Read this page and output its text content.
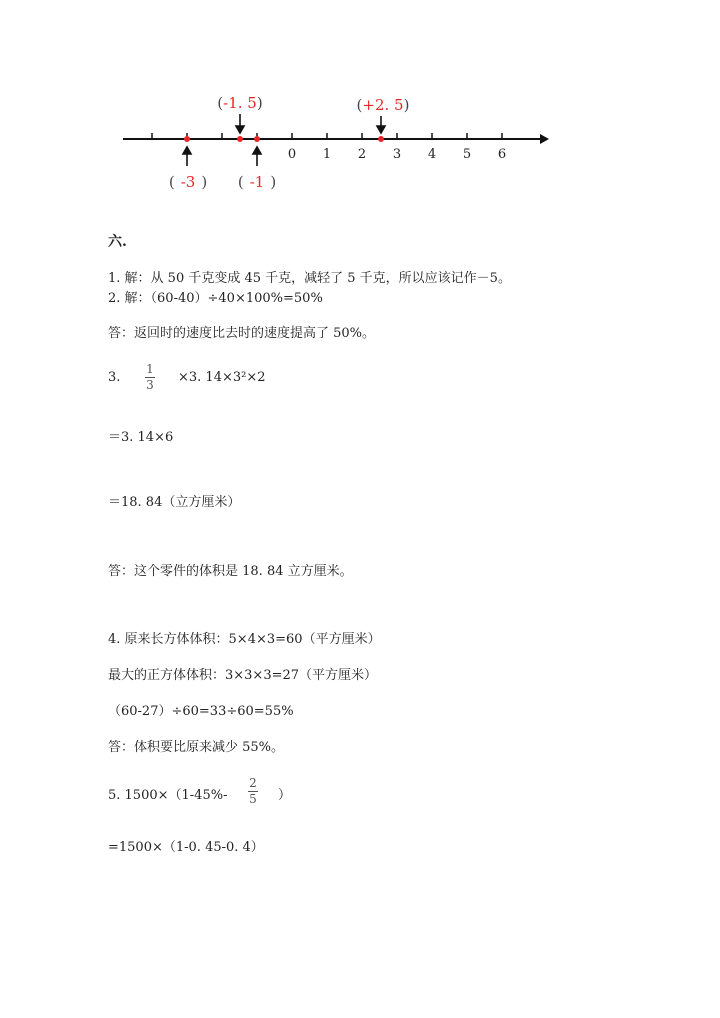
0 1 2 3 4 5 6
(-1. 5)	(+2. 5)
( -3 ) ( -1 )
六.
1. 解：从 50 千克变成 45 千克，减轻了 5 千克，所以应该记作－5。
2. 解：（60-40）÷40×100%=50%
答：返回时的速度比去时的速度提高了 50%。
3.
1
3	×3. 14×3²×2
＝3. 14×6
＝18. 84（立方厘米）
答：这个零件的体积是 18. 84 立方厘米。
4. 原来长方体体积：5×4×3=60（平方厘米）
最大的正方体体积：3×3×3=27（平方厘米）
（60-27）÷60=33÷60=55%
答：体积要比原来减少 55%。
5. 1500×（1-45%-
2
5	）
=1500×（1-0. 45-0. 4）
